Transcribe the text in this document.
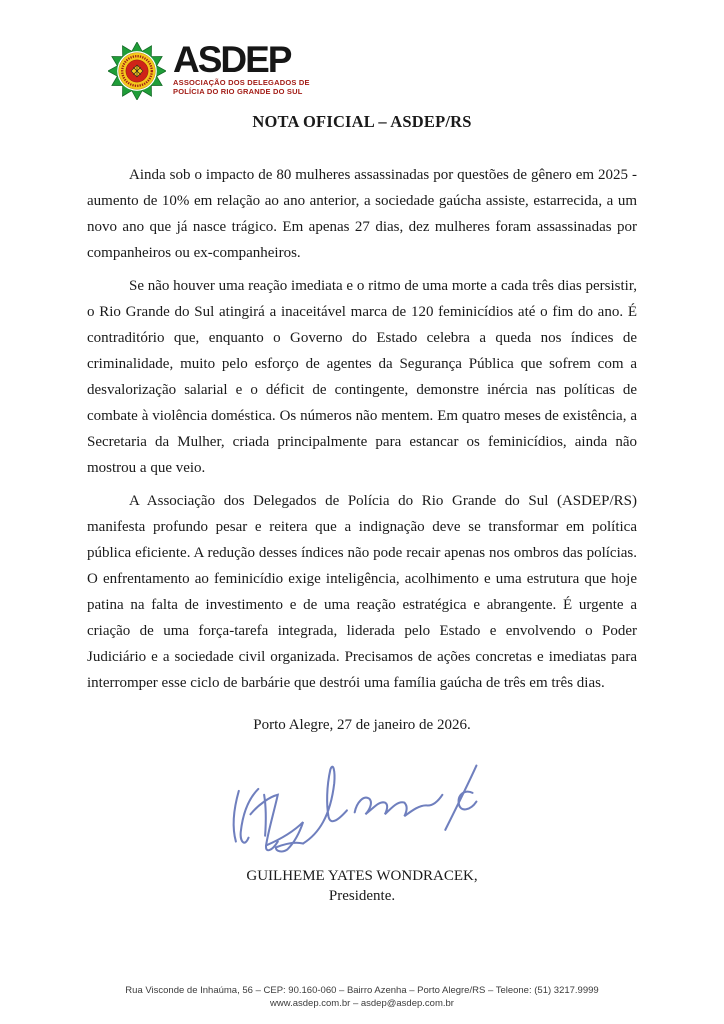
ASDEP
ASSOCIAÇÃO DOS DELEGADOS DE
POLÍCIA DO RIO GRANDE DO SUL
NOTA OFICIAL – ASDEP/RS

Ainda sob o impacto de 80 mulheres assassinadas por questões de gênero em 2025 - aumento de 10% em relação ao ano anterior, a sociedade gaúcha assiste, estarrecida, a um novo ano que já nasce trágico. Em apenas 27 dias, dez mulheres foram assassinadas por companheiros ou ex-companheiros.

Se não houver uma reação imediata e o ritmo de uma morte a cada três dias persistir, o Rio Grande do Sul atingirá a inaceitável marca de 120 feminicídios até o fim do ano. É contraditório que, enquanto o Governo do Estado celebra a queda nos índices de criminalidade, muito pelo esforço de agentes da Segurança Pública que sofrem com a desvalorização salarial e o déficit de contingente, demonstre inércia nas políticas de combate à violência doméstica. Os números não mentem. Em quatro meses de existência, a Secretaria da Mulher, criada principalmente para estancar os feminicídios, ainda não mostrou a que veio.

A Associação dos Delegados de Polícia do Rio Grande do Sul (ASDEP/RS) manifesta profundo pesar e reitera que a indignação deve se transformar em política pública eficiente. A redução desses índices não pode recair apenas nos ombros das polícias. O enfrentamento ao feminicídio exige inteligência, acolhimento e uma estrutura que hoje patina na falta de investimento e de uma reação estratégica e abrangente. É urgente a criação de uma força-tarefa integrada, liderada pelo Estado e envolvendo o Poder Judiciário e a sociedade civil organizada. Precisamos de ações concretas e imediatas para interromper esse ciclo de barbárie que destrói uma família gaúcha de três em três dias.

Porto Alegre, 27 de janeiro de 2026.
GUILHEME YATES WONDRACEK,
Presidente.
Rua Visconde de Inhaúma, 56 – CEP: 90.160-060 – Bairro Azenha – Porto Alegre/RS – Teleone: (51) 3217.9999
www.asdep.com.br – asdep@asdep.com.br
